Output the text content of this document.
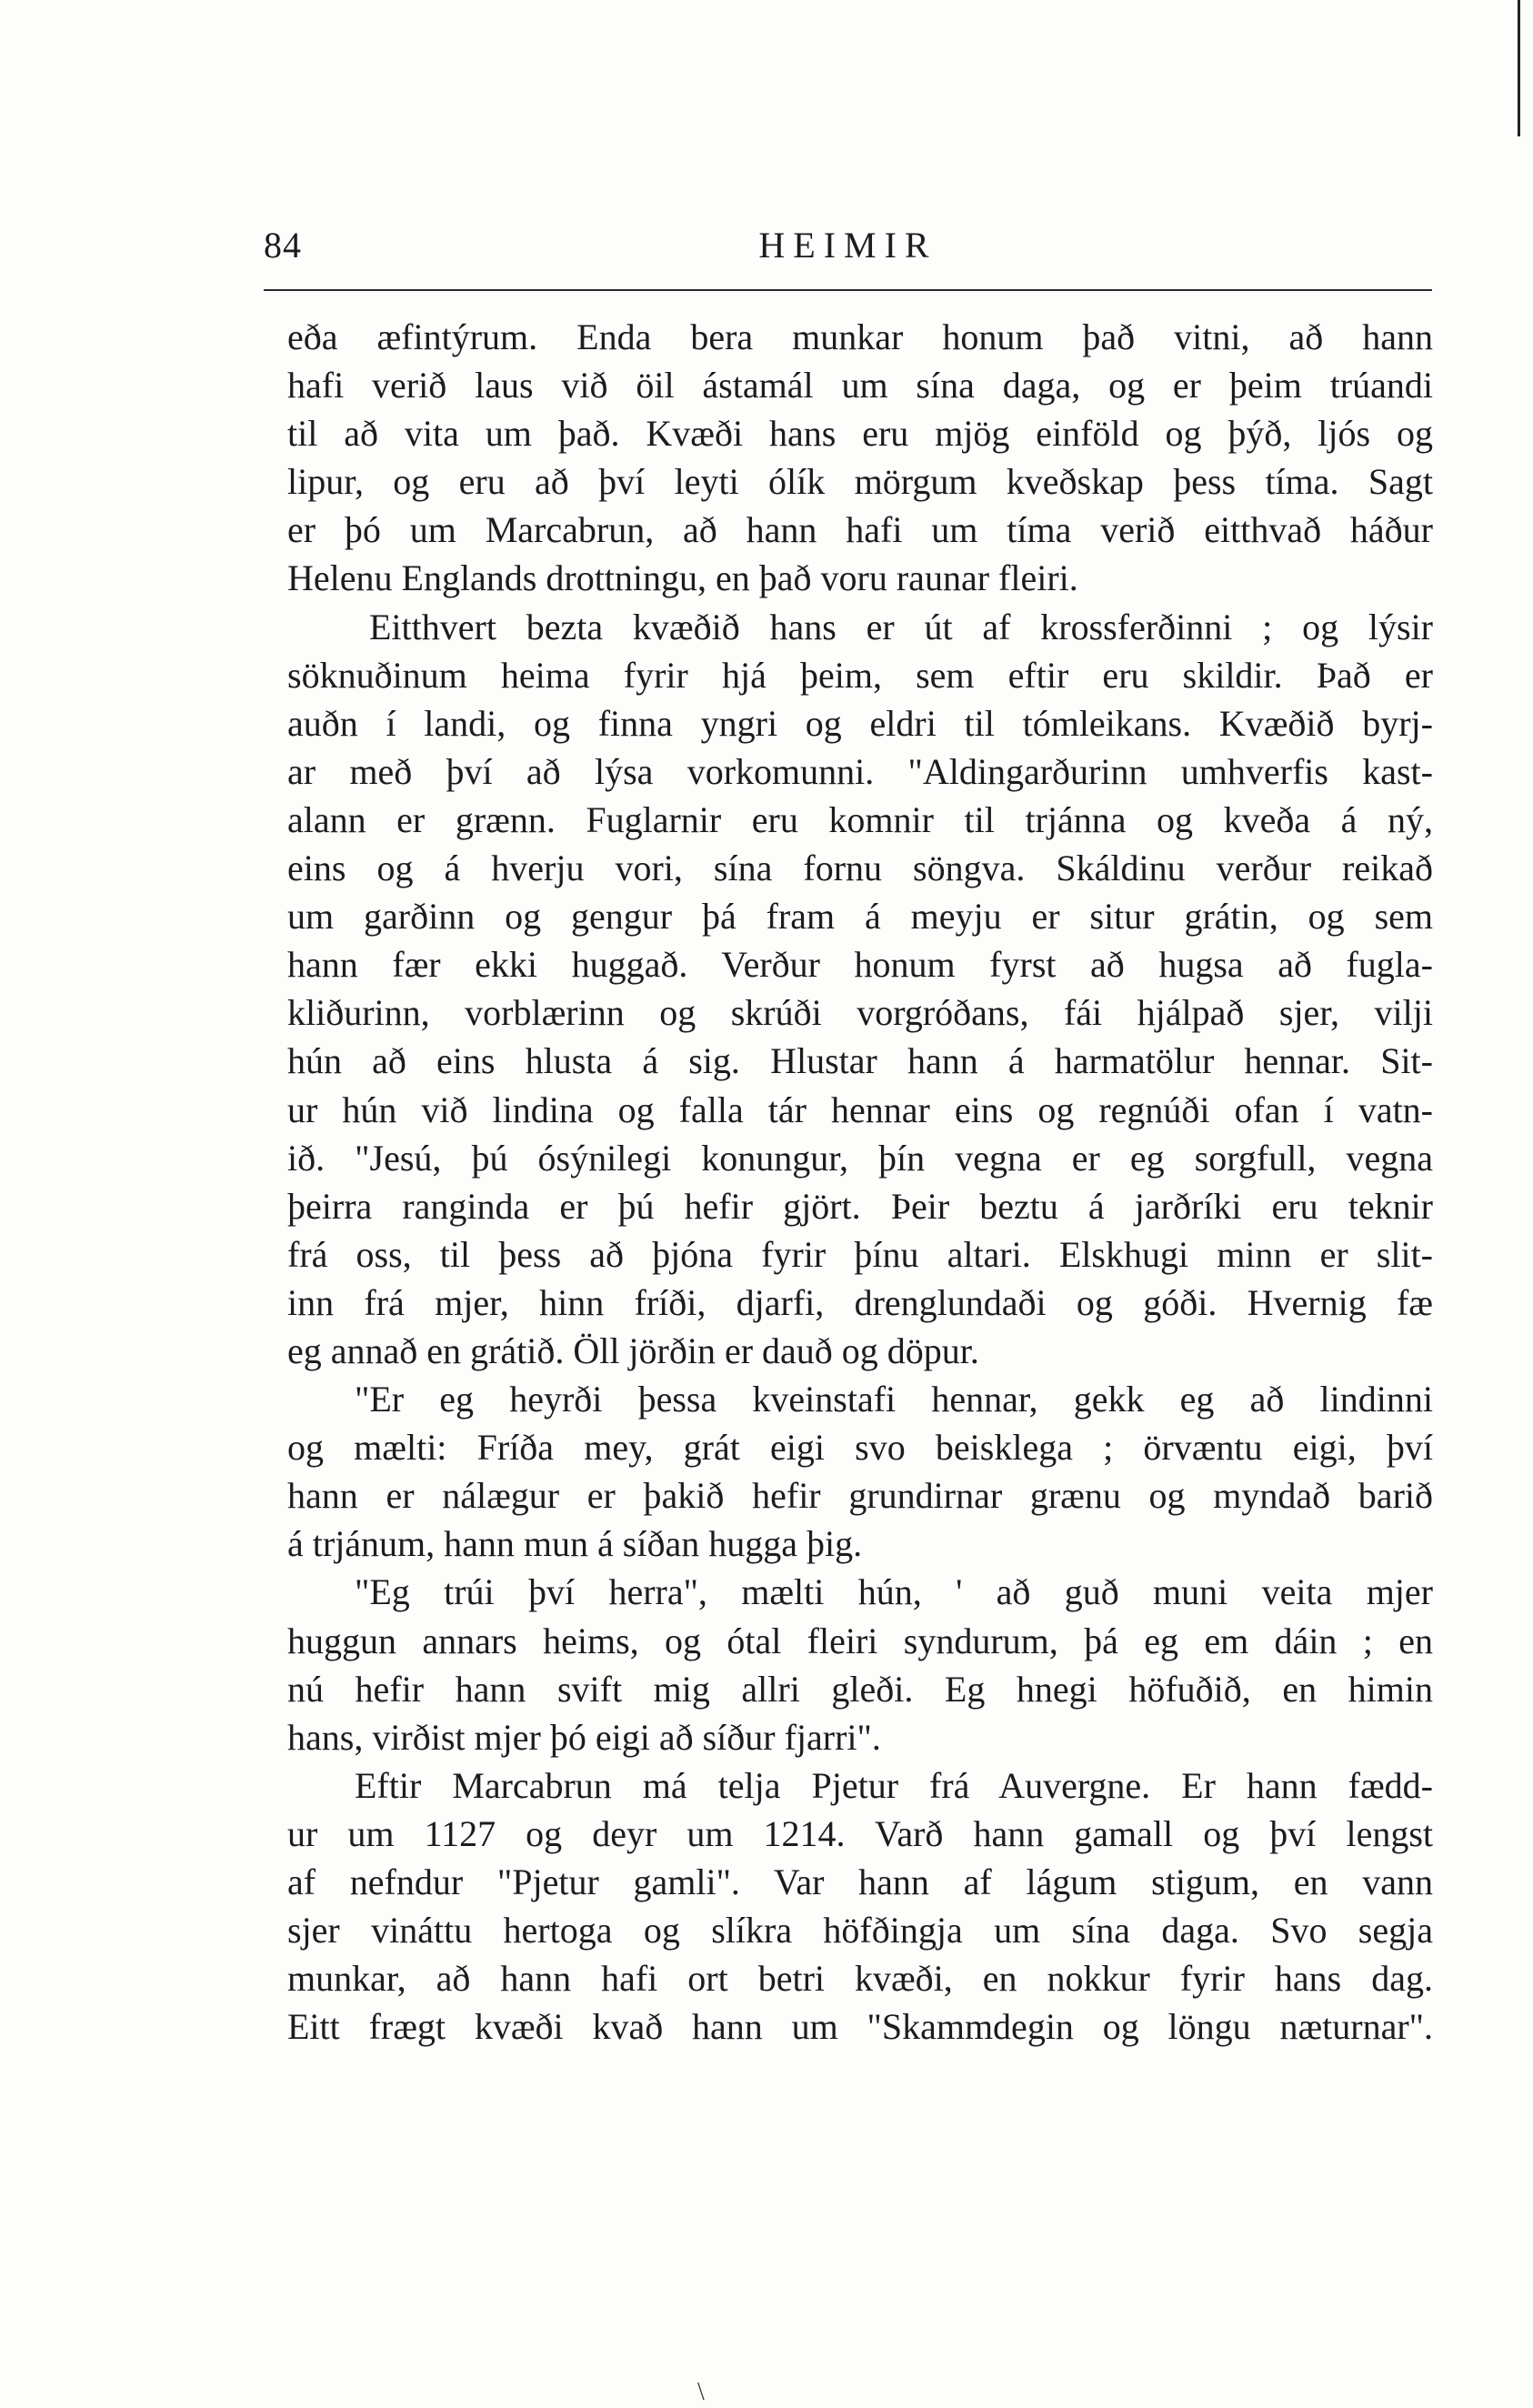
84	HEIMIR
eða æfintýrum. Enda bera munkar honum það vitni, að hann
hafi verið laus við öil ástamál um sína daga, og er þeim trúandi
til að vita um það. Kvæði hans eru mjög einföld og þýð, ljós og
lipur, og eru að því leyti ólík mörgum kveðskap þess tíma. Sagt
er þó um Marcabrun, að hann hafi um tíma verið eitthvað háður
Helenu Englands drottningu, en það voru raunar fleiri.
Eitthvert bezta kvæðið hans er út af krossferðinni ; og lýsir
söknuðinum heima fyrir hjá þeim, sem eftir eru skildir. Það er
auðn í landi, og finna yngri og eldri til tómleikans. Kvæðið byrj-
ar með því að lýsa vorkomunni. "Aldingarðurinn umhverfis kast-
alann er grænn. Fuglarnir eru komnir til trjánna og kveða á ný,
eins og á hverju vori, sína fornu söngva. Skáldinu verður reikað
um garðinn og gengur þá fram á meyju er situr grátin, og sem
hann fær ekki huggað. Verður honum fyrst að hugsa að fugla-
kliðurinn, vorblærinn og skrúði vorgróðans, fái hjálpað sjer, vilji
hún að eins hlusta á sig. Hlustar hann á harmatölur hennar. Sit-
ur hún við lindina og falla tár hennar eins og regnúði ofan í vatn-
ið. "Jesú, þú ósýnilegi konungur, þín vegna er eg sorgfull, vegna
þeirra ranginda er þú hefir gjört. Þeir beztu á jarðríki eru teknir
frá oss, til þess að þjóna fyrir þínu altari. Elskhugi minn er slit-
inn frá mjer, hinn fríði, djarfi, drenglundaði og góði. Hvernig fæ
eg annað en grátið. Öll jörðin er dauð og döpur.
"Er eg heyrði þessa kveinstafi hennar, gekk eg að lindinni
og mælti: Fríða mey, grát eigi svo beisklega ; örvæntu eigi, því
hann er nálægur er þakið hefir grundirnar grænu og myndað barið
á trjánum, hann mun á síðan hugga þig.
"Eg trúi því herra", mælti hún, ' að guð muni veita mjer
huggun annars heims, og ótal fleiri syndurum, þá eg em dáin ; en
nú hefir hann svift mig allri gleði. Eg hnegi höfuðið, en himin
hans, virðist mjer þó eigi að síður fjarri".
Eftir Marcabrun má telja Pjetur frá Auvergne. Er hann fædd-
ur um 1127 og deyr um 1214. Varð hann gamall og því lengst
af nefndur "Pjetur gamli". Var hann af lágum stigum, en vann
sjer vináttu hertoga og slíkra höfðingja um sína daga. Svo segja
munkar, að hann hafi ort betri kvæði, en nokkur fyrir hans dag.
Eitt frægt kvæði kvað hann um "Skammdegin og löngu næturnar".
\
